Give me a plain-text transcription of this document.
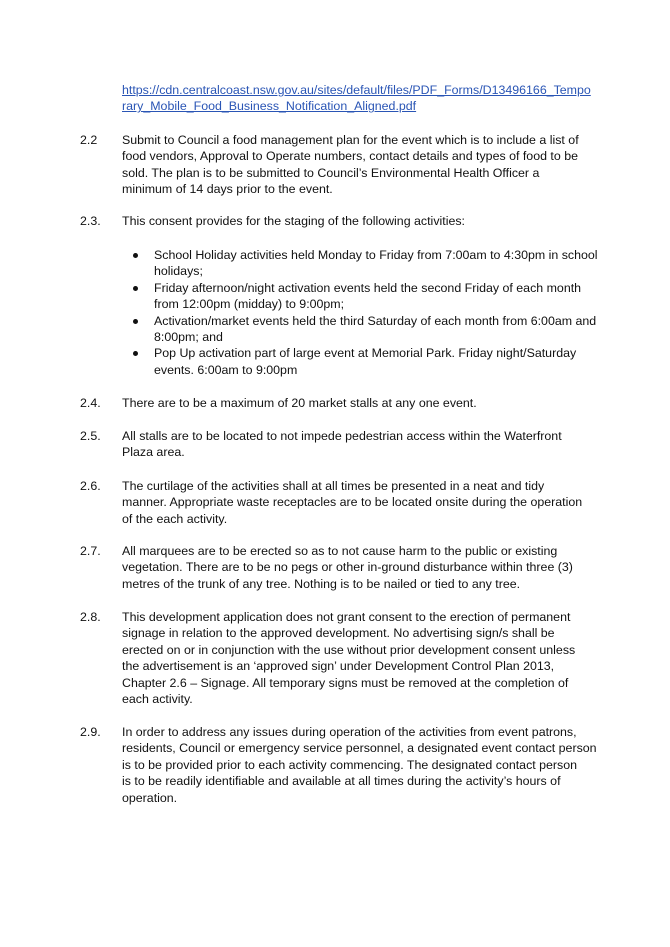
https://cdn.centralcoast.nsw.gov.au/sites/default/files/PDF_Forms/D13496166_Tempo
rary_Mobile_Food_Business_Notification_Aligned.pdf
2.2	Submit to Council a food management plan for the event which is to include a list of
food vendors, Approval to Operate numbers, contact details and types of food to be
sold. The plan is to be submitted to Council’s Environmental Health Officer a
minimum of 14 days prior to the event.
2.3.	This consent provides for the staging of the following activities:
School Holiday activities held Monday to Friday from 7:00am to 4:30pm in school
holidays;
Friday afternoon/night activation events held the second Friday of each month
from 12:00pm (midday) to 9:00pm;
Activation/market events held the third Saturday of each month from 6:00am and
8:00pm; and
Pop Up activation part of large event at Memorial Park. Friday night/Saturday
events. 6:00am to 9:00pm
2.4.	There are to be a maximum of 20 market stalls at any one event.
2.5.	All stalls are to be located to not impede pedestrian access within the Waterfront
Plaza area.
2.6.	The curtilage of the activities shall at all times be presented in a neat and tidy
manner. Appropriate waste receptacles are to be located onsite during the operation
of the each activity.
2.7.	All marquees are to be erected so as to not cause harm to the public or existing
vegetation. There are to be no pegs or other in-ground disturbance within three (3)
metres of the trunk of any tree. Nothing is to be nailed or tied to any tree.
2.8.	This development application does not grant consent to the erection of permanent
signage in relation to the approved development. No advertising sign/s shall be
erected on or in conjunction with the use without prior development consent unless
the advertisement is an ‘approved sign’ under Development Control Plan 2013,
Chapter 2.6 – Signage. All temporary signs must be removed at the completion of
each activity.
2.9.	In order to address any issues during operation of the activities from event patrons,
residents, Council or emergency service personnel, a designated event contact person
is to be provided prior to each activity commencing. The designated contact person
is to be readily identifiable and available at all times during the activity’s hours of
operation.
